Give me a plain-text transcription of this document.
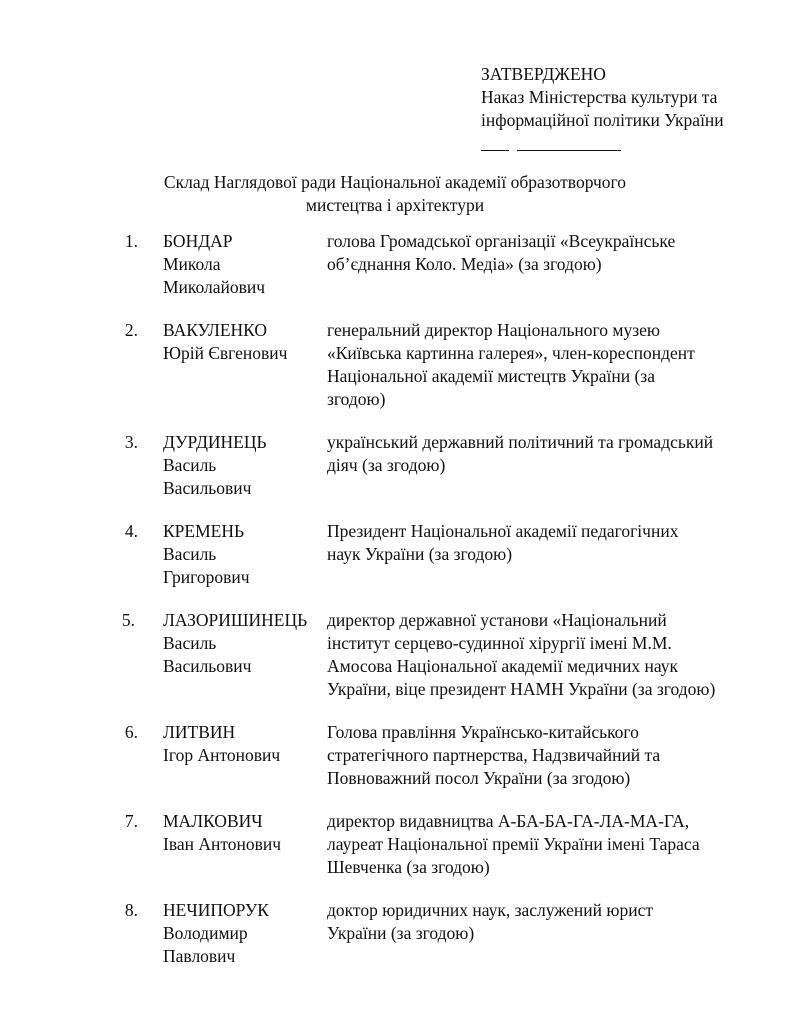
ЗАТВЕРДЖЕНО
Наказ Міністерства культури та
інформаційної політики України
Склад Наглядової ради Національної академії образотворчого
мистецтва і архітектури
1. БОНДАР
Микола
Миколайович
голова Громадської організації «Всеукраїнське
об’єднання Коло. Медіа» (за згодою)
2. ВАКУЛЕНКО
Юрій Євгенович
генеральний директор Національного музею
«Київська картинна галерея», член-кореспондент
Національної академії мистецтв України (за
згодою)
3. ДУРДИНЕЦЬ
Василь
Васильович
український державний політичний та громадський
діяч (за згодою)
4. КРЕМЕНЬ
Василь
Григорович
Президент Національної академії педагогічних
наук України (за згодою)
5. ЛАЗОРИШИНЕЦЬ
Василь
Васильович
директор державної установи «Національний
інститут серцево-судинної хірургії імені М.М.
Амосова Національної академії медичних наук
України, віце президент НАМН України (за згодою)
6. ЛИТВИН
Ігор Антонович
Голова правління Українсько-китайського
стратегічного партнерства, Надзвичайний та
Повноважний посол України (за згодою)
7. МАЛКОВИЧ
Іван Антонович
директор видавництва А-БА-БА-ГА-ЛА-МА-ГА,
лауреат Національної премії України імені Тараса
Шевченка (за згодою)
8. НЕЧИПОРУК
Володимир
Павлович
доктор юридичних наук, заслужений юрист
України (за згодою)
